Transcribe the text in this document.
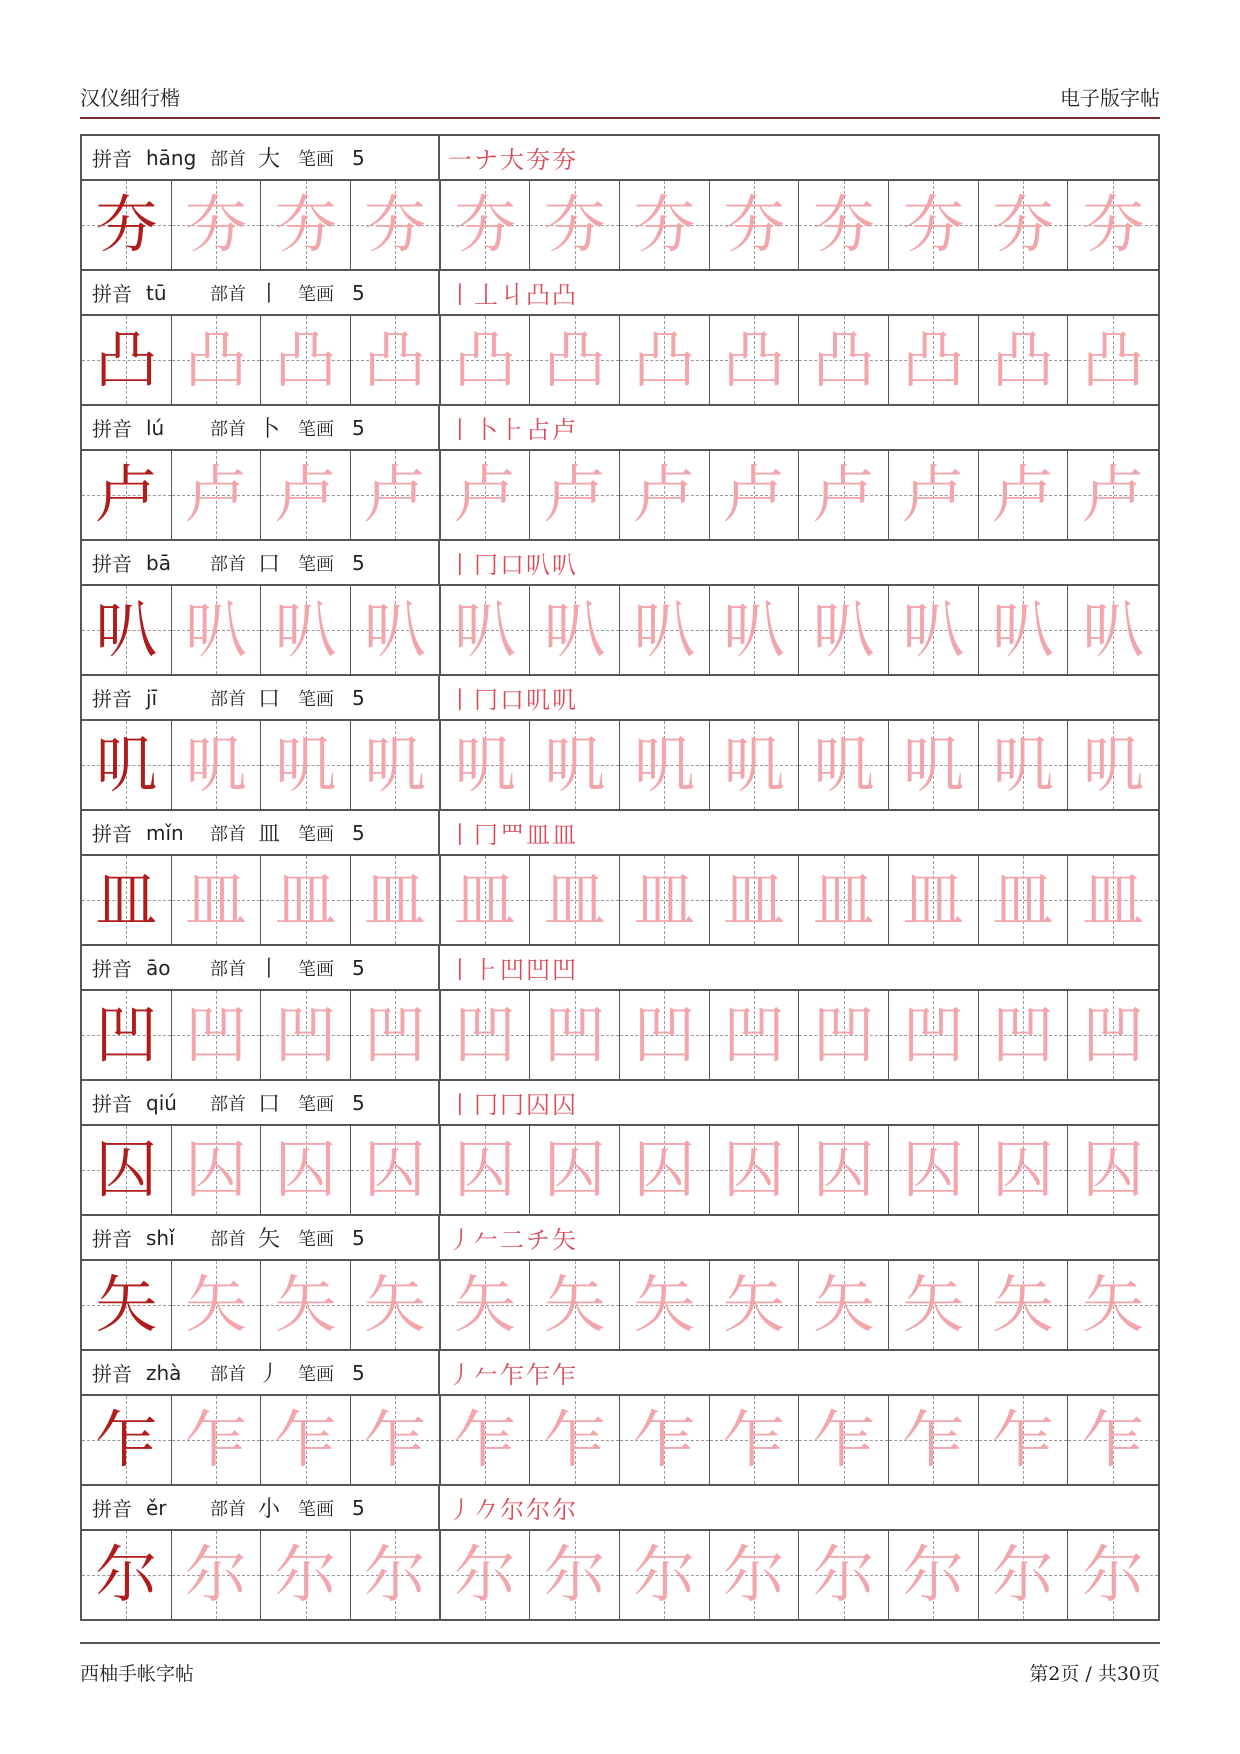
汉仪细行楷	电子版字帖
拼音 hāng 部首 大 笔画 5	一ナ大夯夯
夯 夯 夯 夯 夯 夯 夯 夯 夯 夯 夯 夯
拼音 tū	部首 丨 笔画 5	丨丄丩凸凸
凸 凸 凸 凸 凸 凸 凸 凸 凸 凸 凸 凸
拼音 lú	部首 卜 笔画 5	丨卜⺊占卢
卢 卢 卢 卢 卢 卢 卢 卢 卢 卢 卢 卢
拼音 bā	部首 口 笔画 5	丨冂口叭叭
叭 叭 叭 叭 叭 叭 叭 叭 叭 叭 叭 叭
拼音 jī	部首 口 笔画 5	丨冂口叽叽
叽 叽 叽 叽 叽 叽 叽 叽 叽 叽 叽 叽
拼音 mǐn	部首 皿 笔画 5	丨冂罒皿皿
皿 皿 皿 皿 皿 皿 皿 皿 皿 皿 皿 皿
拼音 āo	部首 丨 笔画 5	丨⺊凹凹凹
凹 凹 凹 凹 凹 凹 凹 凹 凹 凹 凹 凹
拼音 qiú	部首 口 笔画 5	丨冂冂囚囚
囚 囚 囚 囚 囚 囚 囚 囚 囚 囚 囚 囚
拼音 shǐ	部首 矢 笔画 5	丿𠂉二チ矢
矢 矢 矢 矢 矢 矢 矢 矢 矢 矢 矢 矢
拼音 zhà	部首 丿 笔画 5	丿𠂉乍乍乍
乍 乍 乍 乍 乍 乍 乍 乍 乍 乍 乍 乍
拼音 ěr	部首 小 笔画 5	丿𠂊尔尔尔
尔 尔 尔 尔 尔 尔 尔 尔 尔 尔 尔 尔
西柚手帐字帖	第2页 / 共30页
